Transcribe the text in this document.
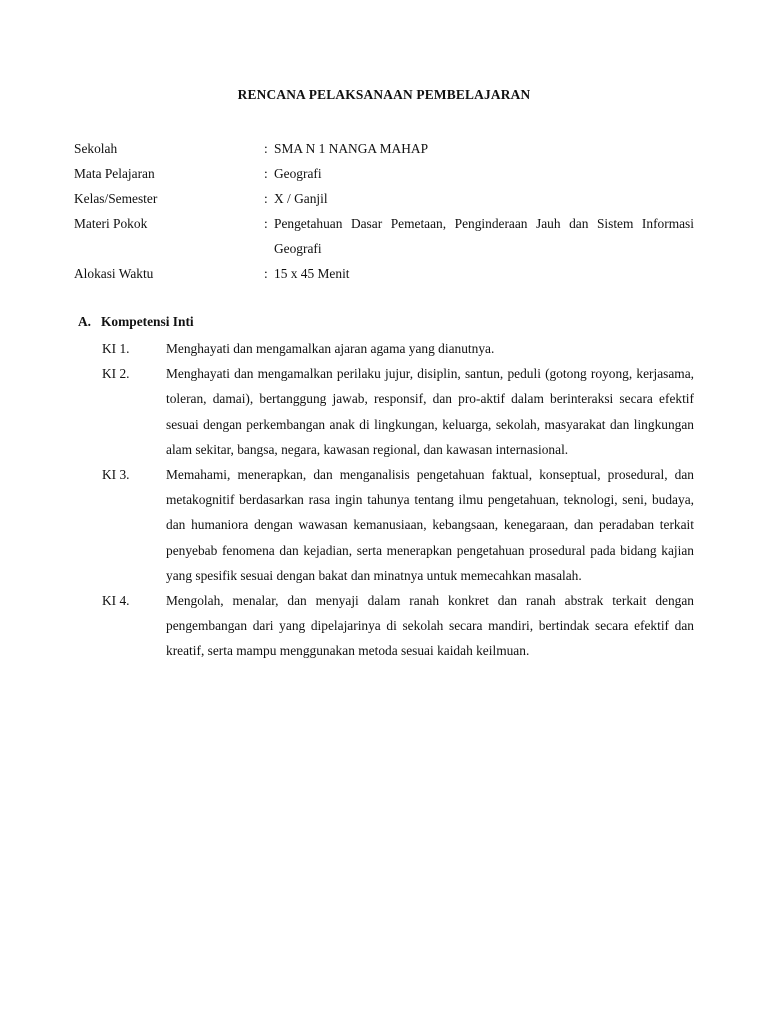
RENCANA PELAKSANAAN PEMBELAJARAN
Sekolah	: SMA N 1 NANGA MAHAP
Mata Pelajaran	: Geografi
Kelas/Semester	: X / Ganjil
Materi Pokok	: Pengetahuan Dasar Pemetaan, Penginderaan Jauh dan Sistem Informasi Geografi
Alokasi Waktu	: 15 x 45 Menit
A. Kompetensi Inti
KI 1.	Menghayati dan mengamalkan ajaran agama yang dianutnya.
KI 2.	Menghayati dan mengamalkan perilaku jujur, disiplin, santun, peduli (gotong royong, kerjasama, toleran, damai), bertanggung jawab, responsif, dan pro-aktif dalam berinteraksi secara efektif sesuai dengan perkembangan anak di lingkungan, keluarga, sekolah, masyarakat dan lingkungan alam sekitar, bangsa, negara, kawasan regional, dan kawasan internasional.
KI 3.	Memahami, menerapkan, dan menganalisis pengetahuan faktual, konseptual, prosedural, dan metakognitif berdasarkan rasa ingin tahunya tentang ilmu pengetahuan, teknologi, seni, budaya, dan humaniora dengan wawasan kemanusiaan, kebangsaan, kenegaraan, dan peradaban terkait penyebab fenomena dan kejadian, serta menerapkan pengetahuan prosedural pada bidang kajian yang spesifik sesuai dengan bakat dan minatnya untuk memecahkan masalah.
KI 4.	Mengolah, menalar, dan menyaji dalam ranah konkret dan ranah abstrak terkait dengan pengembangan dari yang dipelajarinya di sekolah secara mandiri, bertindak secara efektif dan kreatif, serta mampu menggunakan metoda sesuai kaidah keilmuan.
